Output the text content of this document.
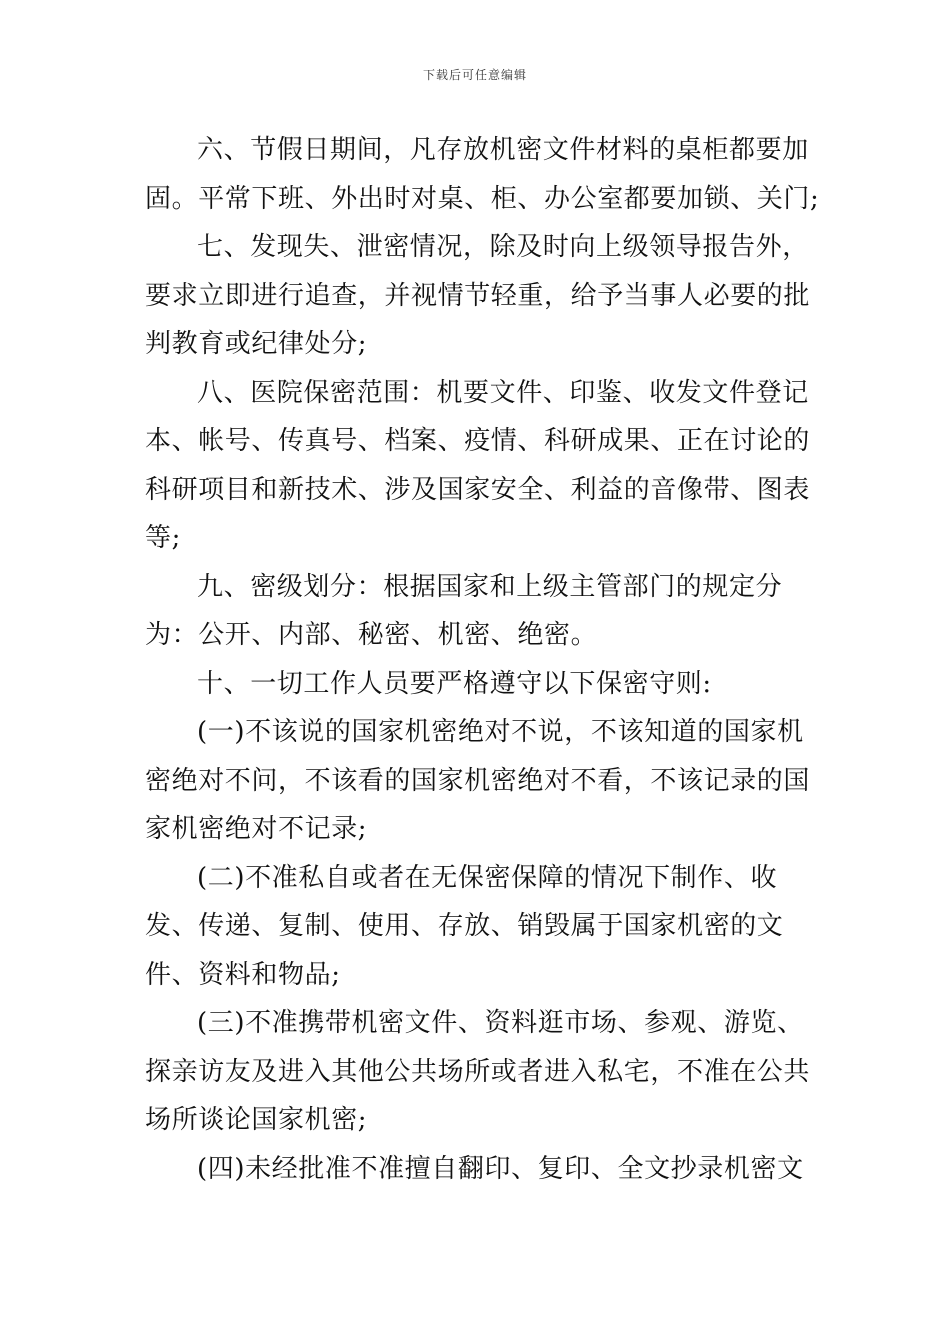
下载后可任意编辑

六、节假日期间，凡存放机密文件材料的桌柜都要加固。平常下班、外出时对桌、柜、办公室都要加锁、关门;

七、发现失、泄密情况，除及时向上级领导报告外，要求立即进行追查，并视情节轻重，给予当事人必要的批判教育或纪律处分;

八、医院保密范围：机要文件、印鉴、收发文件登记本、帐号、传真号、档案、疫情、科研成果、正在讨论的科研项目和新技术、涉及国家安全、利益的音像带、图表等;

九、密级划分：根据国家和上级主管部门的规定分为：公开、内部、秘密、机密、绝密。

十、一切工作人员要严格遵守以下保密守则:

(一)不该说的国家机密绝对不说，不该知道的国家机密绝对不问，不该看的国家机密绝对不看，不该记录的国家机密绝对不记录;

(二)不准私自或者在无保密保障的情况下制作、收发、传递、复制、使用、存放、销毁属于国家机密的文件、资料和物品;

(三)不准携带机密文件、资料逛市场、参观、游览、探亲访友及进入其他公共场所或者进入私宅，不准在公共场所谈论国家机密;

(四)未经批准不准擅自翻印、复印、全文抄录机密文
